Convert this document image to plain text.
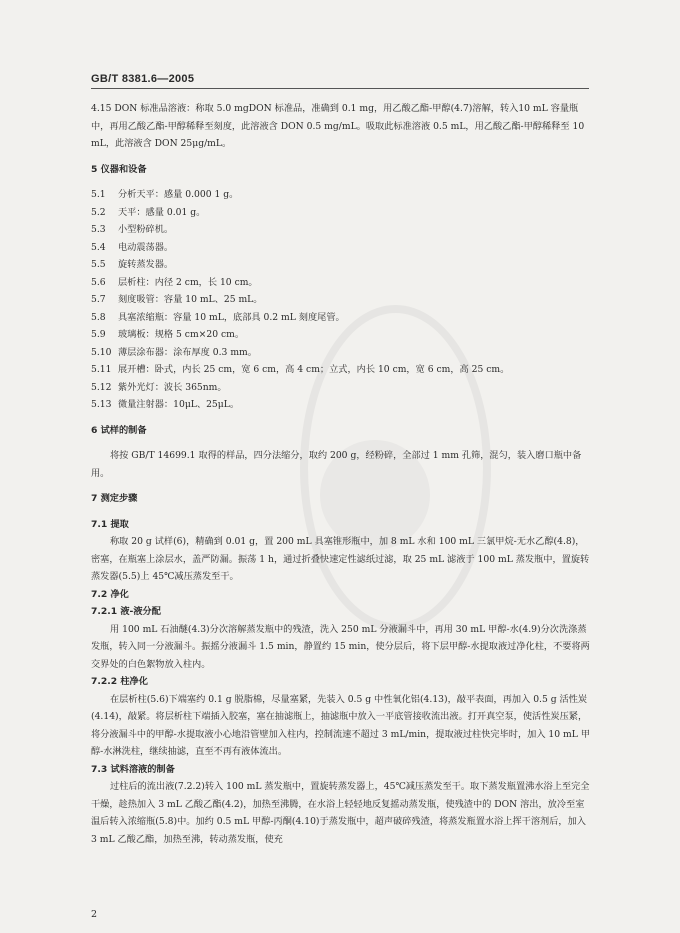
GB/T 8381.6—2005

4.15 DON 标准品溶液：称取 5.0 mgDON 标准品，准确到 0.1 mg，用乙酸乙酯-甲醇(4.7)溶解，转入10 mL 容量瓶中，再用乙酸乙酯-甲醇稀释至刻度，此溶液含 DON 0.5 mg/mL。吸取此标准溶液 0.5 mL，用乙酸乙酯-甲醇稀释至 10 mL，此溶液含 DON 25μg/mL。

5 仪器和设备

5.1 分析天平：感量 0.000 1 g。

5.2 天平：感量 0.01 g。

5.3 小型粉碎机。

5.4 电动震荡器。

5.5 旋转蒸发器。

5.6 层析柱：内径 2 cm，长 10 cm。

5.7 刻度吸管：容量 10 mL、25 mL。

5.8 具塞浓缩瓶：容量 10 mL，底部具 0.2 mL 刻度尾管。

5.9 玻璃板：规格 5 cm×20 cm。

5.10 薄层涂布器：涂布厚度 0.3 mm。

5.11 展开槽：卧式，内长 25 cm，宽 6 cm，高 4 cm；立式，内长 10 cm，宽 6 cm，高 25 cm。

5.12 紫外光灯：波长 365nm。

5.13 微量注射器：10μL、25μL。

6 试样的制备

将按 GB/T 14699.1 取得的样品，四分法缩分，取约 200 g，经粉碎，全部过 1 mm 孔筛，混匀，装入磨口瓶中备用。

7 测定步骤

7.1 提取

称取 20 g 试样(6)，精确到 0.01 g，置 200 mL 具塞锥形瓶中，加 8 mL 水和 100 mL 三氯甲烷-无水乙醇(4.8)，密塞，在瓶塞上涂层水，盖严防漏。振荡 1 h，通过折叠快速定性滤纸过滤，取 25 mL 滤液于 100 mL 蒸发瓶中，置旋转蒸发器(5.5)上 45℃减压蒸发至干。

7.2 净化

7.2.1 液-液分配

用 100 mL 石油醚(4.3)分次溶解蒸发瓶中的残渣，洗入 250 mL 分液漏斗中，再用 30 mL 甲醇-水(4.9)分次洗涤蒸发瓶，转入同一分液漏斗。振摇分液漏斗 1.5 min，静置约 15 min，使分层后，将下层甲醇-水提取液过净化柱，不要将两交界处的白色絮物放入柱内。

7.2.2 柱净化

在层析柱(5.6)下端塞约 0.1 g 脱脂棉，尽量塞紧，先装入 0.5 g 中性氧化铝(4.13)，敲平表面，再加入 0.5 g 活性炭(4.14)，敲紧。将层析柱下端插入胶塞，塞在抽滤瓶上，抽滤瓶中放入一平底管接收流出液。打开真空泵，使活性炭压紧，将分液漏斗中的甲醇-水提取液小心地沿管壁加入柱内，控制流速不超过 3 mL/min，提取液过柱快完毕时，加入 10 mL 甲醇-水淋洗柱，继续抽滤，直至不再有液体流出。

7.3 试料溶液的制备

过柱后的流出液(7.2.2)转入 100 mL 蒸发瓶中，置旋转蒸发器上，45℃减压蒸发至干。取下蒸发瓶置沸水浴上至完全干燥，趁热加入 3 mL 乙酸乙酯(4.2)，加热至沸腾，在水浴上轻轻地反复摇动蒸发瓶，使残渣中的 DON 溶出，放冷至室温后转入浓缩瓶(5.8)中。加约 0.5 mL 甲醇-丙酮(4.10)于蒸发瓶中，超声破碎残渣，将蒸发瓶置水浴上挥干溶剂后，加入 3 mL 乙酸乙酯，加热至沸，转动蒸发瓶，使充

2
